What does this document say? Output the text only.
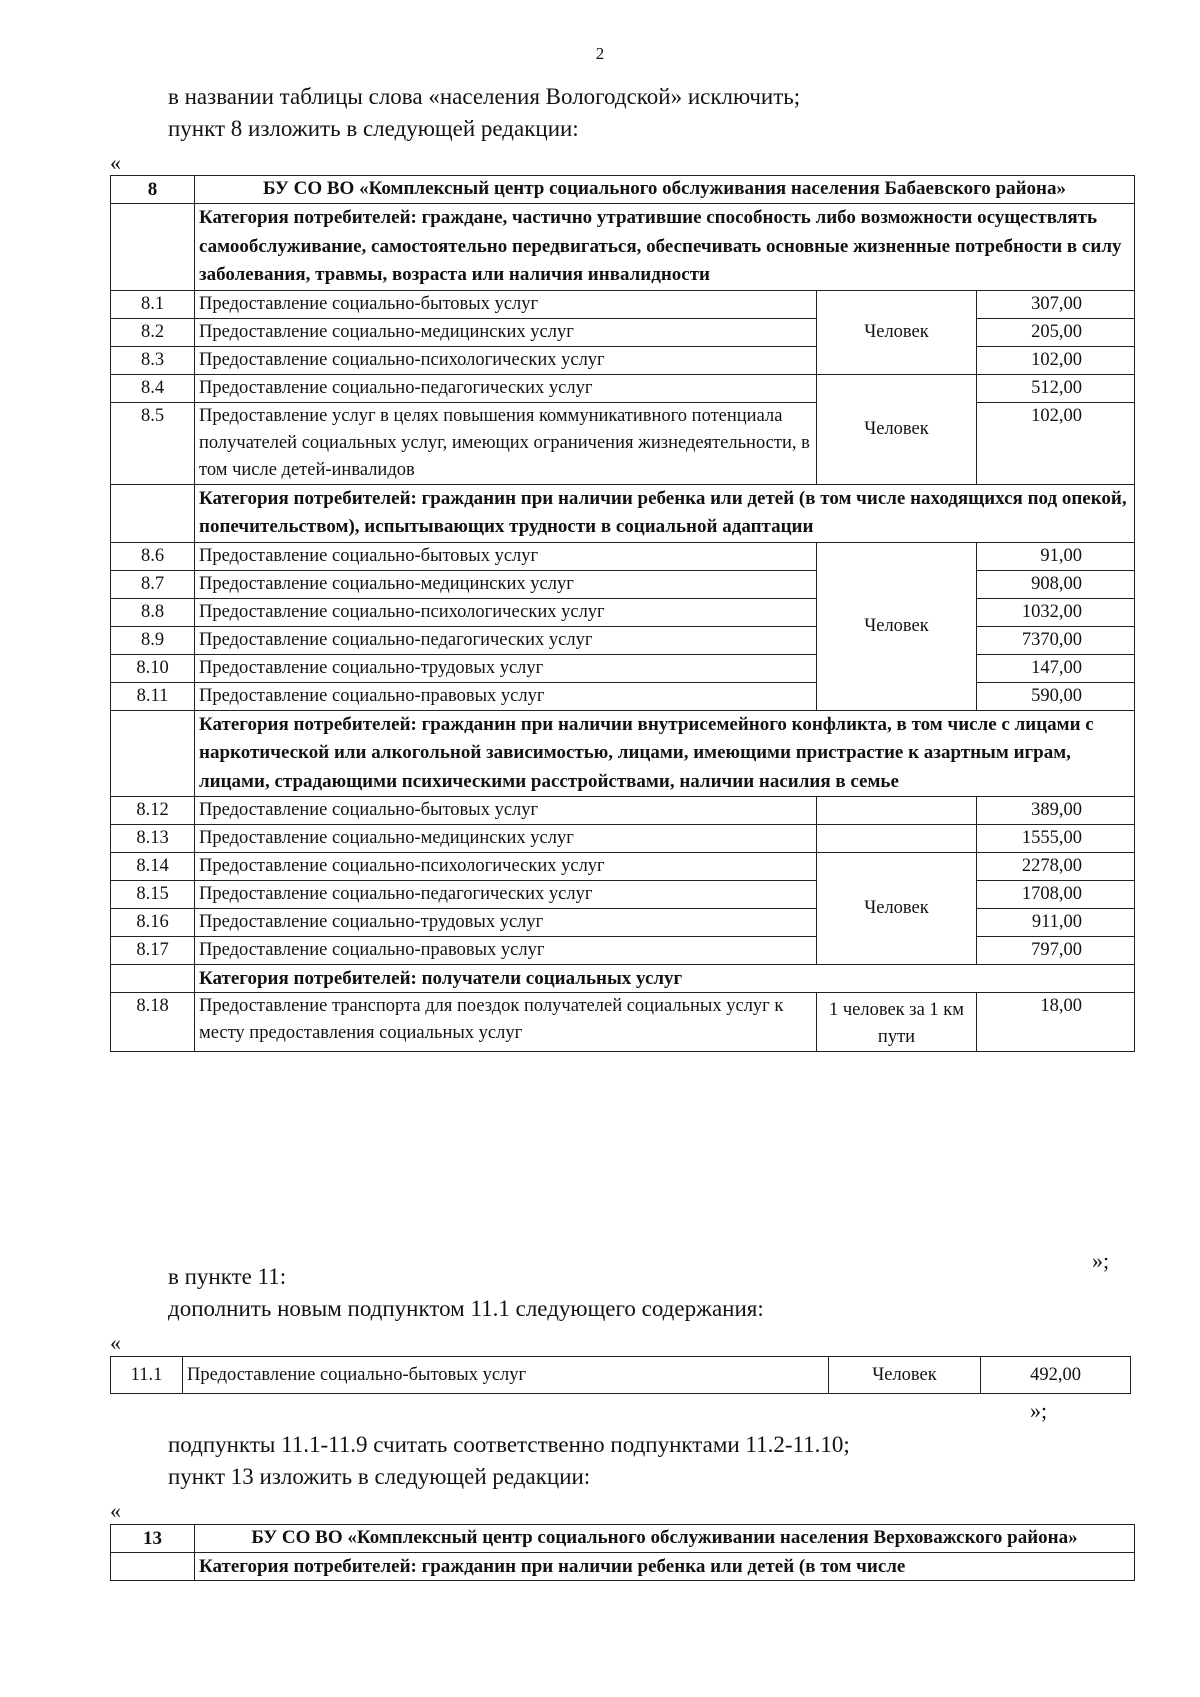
2
в названии таблицы слова «населения Вологодской» исключить;
пункт 8 изложить в следующей редакции:
«
8	БУ СО ВО «Комплексный центр социального обслуживания населения Бабаевского района»		
	Категория потребителей: граждане, частично утратившие способность либо возможности осуществлять самообслуживание, самостоятельно передвигаться, обеспечивать основные жизненные потребности в силу заболевания, травмы, возраста или наличия инвалидности		
8.1	Предоставление социально-бытовых услуг	Человек	307,00
8.2	Предоставление социально-медицинских услуг		205,00
8.3	Предоставление социально-психологических услуг		102,00
8.4	Предоставление социально-педагогических услуг	Человек	512,00
8.5	Предоставление услуг в целях повышения коммуникативного потенциала получателей социальных услуг, имеющих ограничения жизнедеятельности, в том числе детей-инвалидов		102,00
	Категория потребителей: гражданин при наличии ребенка или детей (в том числе находящихся под опекой, попечительством), испытывающих трудности в социальной адаптации		
8.6	Предоставление социально-бытовых услуг	Человек	91,00
8.7	Предоставление социально-медицинских услуг		908,00
8.8	Предоставление социально-психологических услуг		1032,00
8.9	Предоставление социально-педагогических услуг		7370,00
8.10	Предоставление социально-трудовых услуг		147,00
8.11	Предоставление социально-правовых услуг		590,00
	Категория потребителей: гражданин при наличии внутрисемейного конфликта, в том числе с лицами с наркотической или алкогольной зависимостью, лицами, имеющими пристрастие к азартным играм, лицами, страдающими психическими расстройствами, наличии насилия в семье		
8.12	Предоставление социально-бытовых услуг		389,00
8.13	Предоставление социально-медицинских услуг		1555,00
8.14	Предоставление социально-психологических услуг	Человек	2278,00
8.15	Предоставление социально-педагогических услуг		1708,00
8.16	Предоставление социально-трудовых услуг		911,00
8.17	Предоставление социально-правовых услуг		797,00
	Категория потребителей: получатели социальных услуг		
8.18	Предоставление транспорта для поездок получателей социальных услуг к месту предоставления социальных услуг	1 человек за 1 км пути	18,00
»;
в пункте 11:
дополнить новым подпунктом 11.1 следующего содержания:
«
11.1	Предоставление социально-бытовых услуг	Человек	492,00
»;
подпункты 11.1-11.9 считать соответственно подпунктами 11.2-11.10;
пункт 13 изложить в следующей редакции:
«
13	БУ СО ВО «Комплексный центр социального обслуживании населения Верховажского района»
	Категория потребителей: гражданин при наличии ребенка или детей (в том числе
